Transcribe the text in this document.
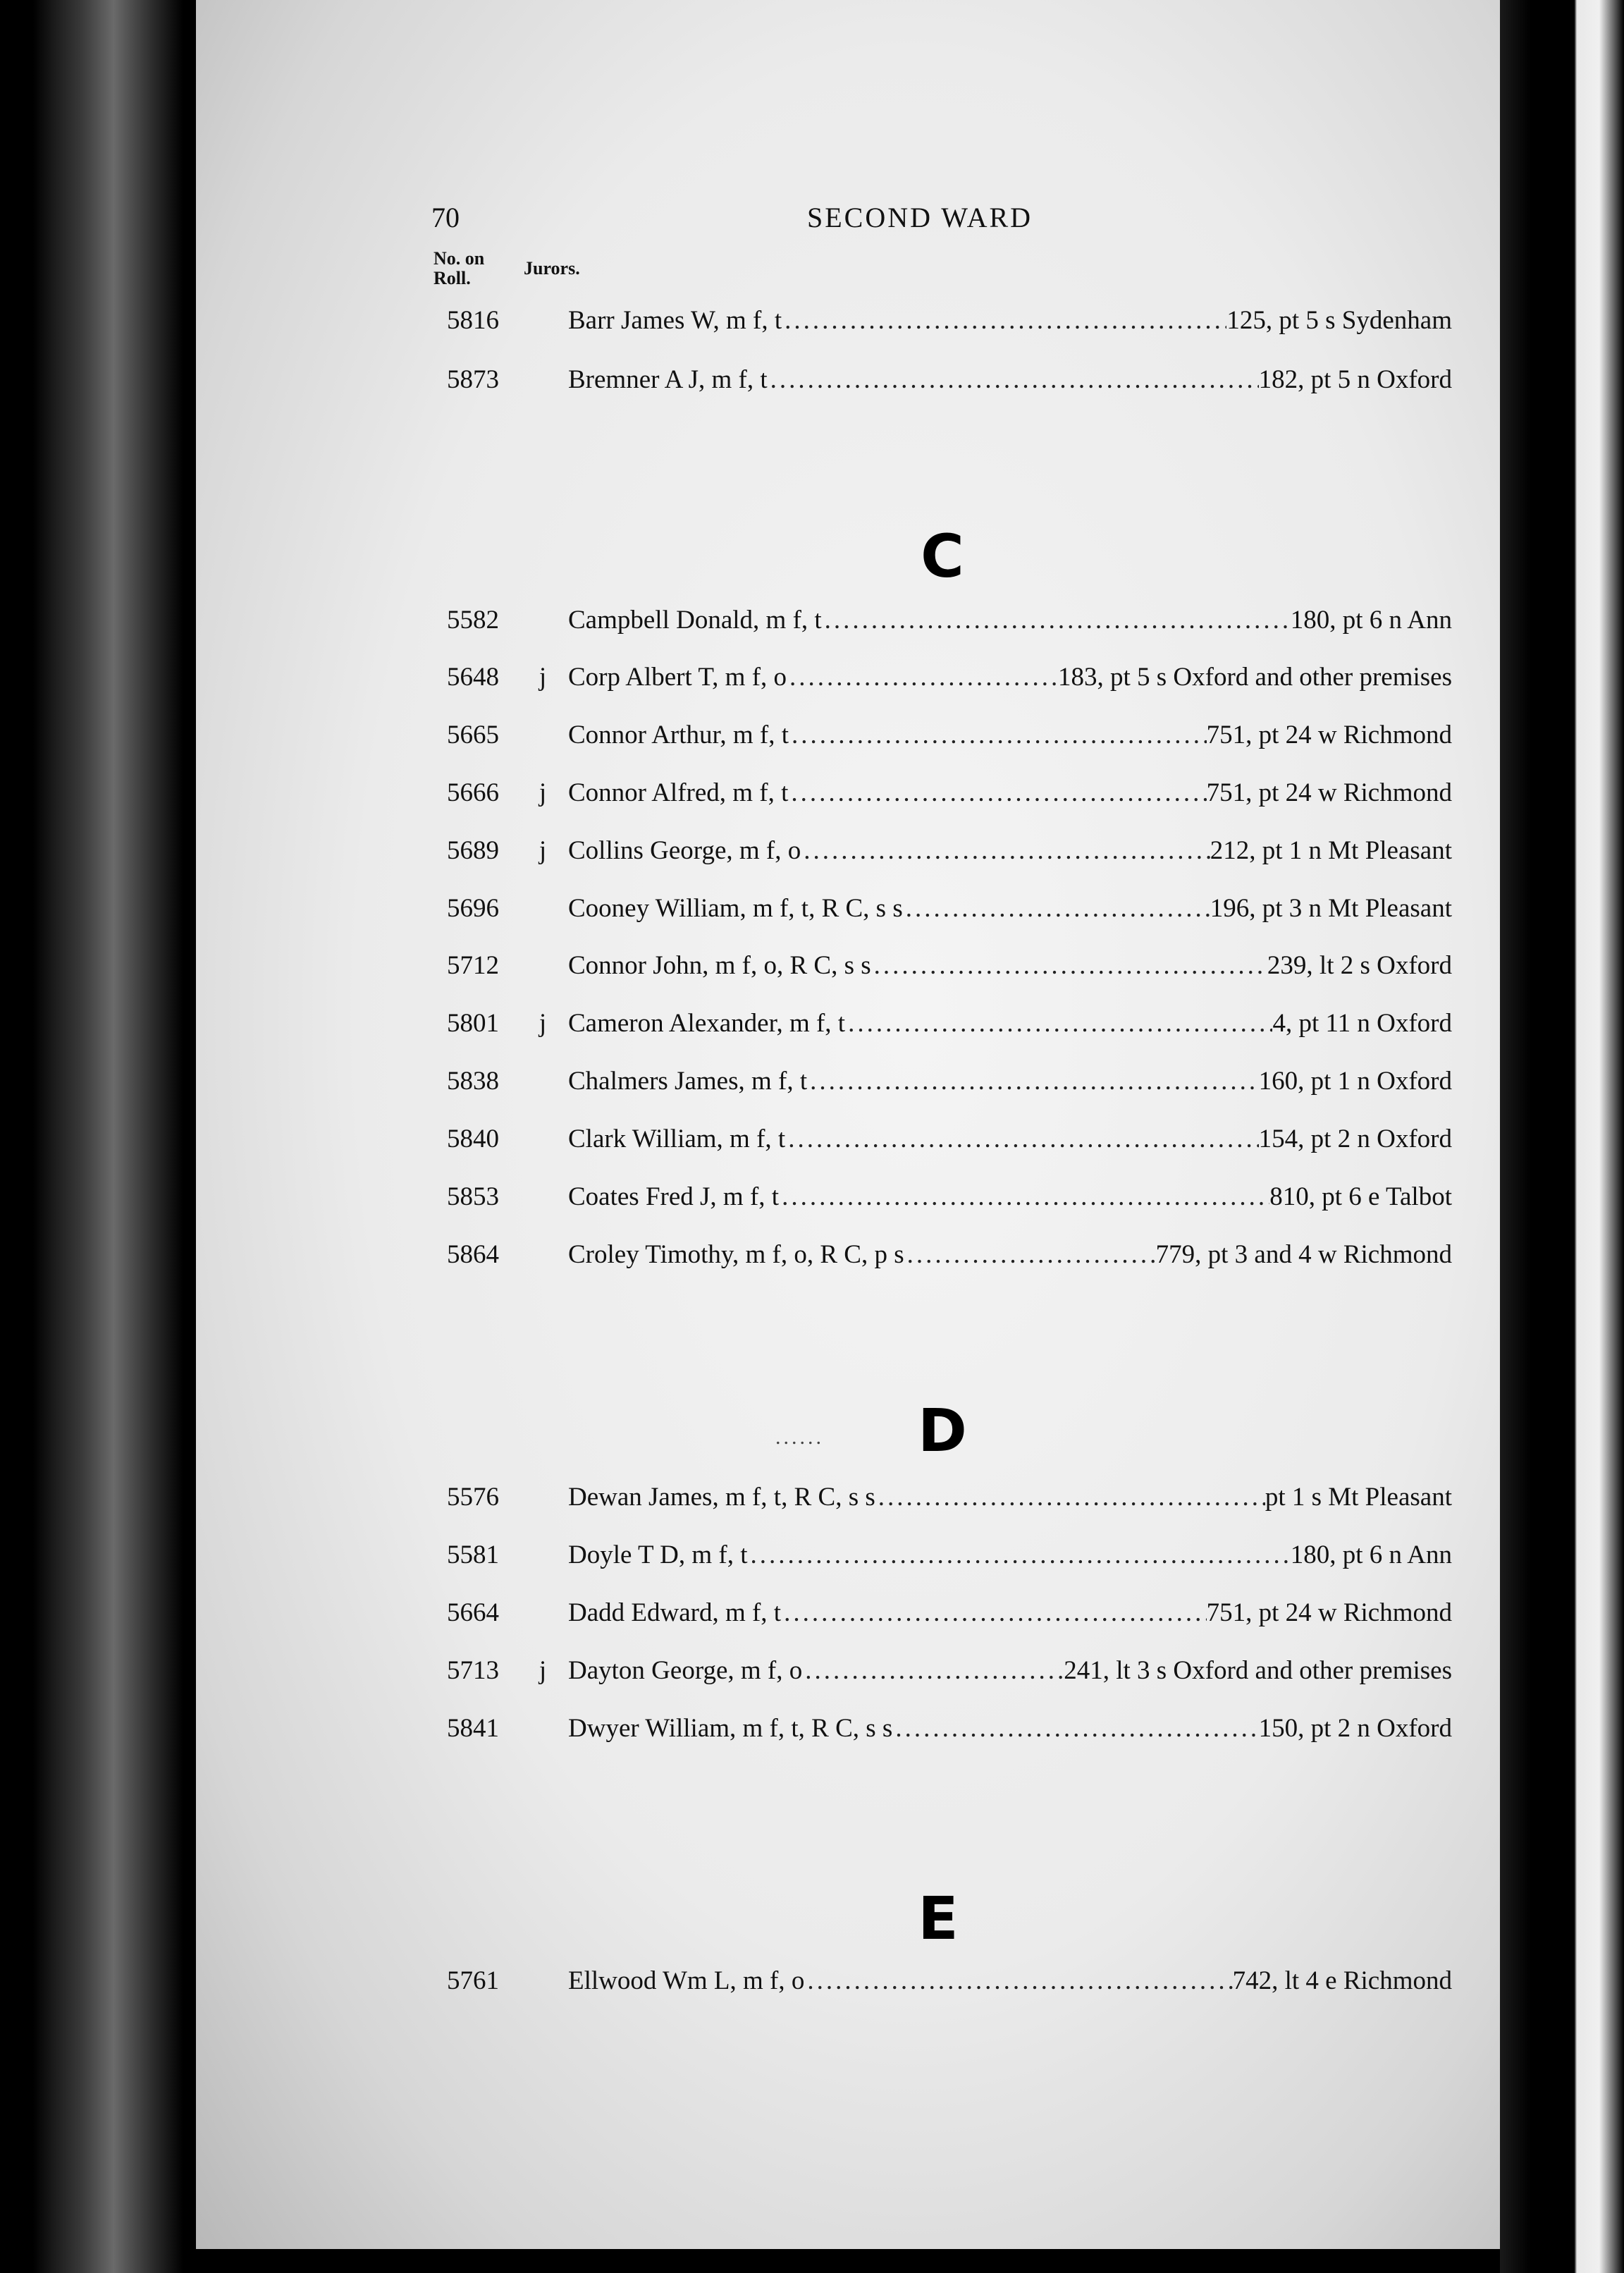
70	SECOND WARD
No. on Roll.	Jurors.
5816	Barr James W, m f, t .....	125, pt 5 s Sydenham
5873	Bremner A J, m f, t .....	182, pt 5 n Oxford
C
5582	Campbell Donald, m f, t .....	180, pt 6 n Ann
5648	j Corp Albert T, m f, o .....	183, pt 5 s Oxford and other premises
5665	Connor Arthur, m f, t .....	751, pt 24 w Richmond
5666	j Connor Alfred, m f, t .....	751, pt 24 w Richmond
5689	j Collins George, m f, o .....	212, pt 1 n Mt Pleasant
5696	Cooney William, m f, t, R C, s s .....	196, pt 3 n Mt Pleasant
5712	Connor John, m f, o, R C, s s .....	239, lt 2 s Oxford
5801	j Cameron Alexander, m f, t .....	4, pt 11 n Oxford
5838	Chalmers James, m f, t .....	160, pt 1 n Oxford
5840	Clark William, m f, t .....	154, pt 2 n Oxford
5853	Coates Fred J, m f, t .....	810, pt 6 e Talbot
5864	Croley Timothy, m f, o, R C, p s .....	779, pt 3 and 4 w Richmond
...... D
5576	Dewan James, m f, t, R C, s s .....	pt 1 s Mt Pleasant
5581	Doyle T D, m f, t .....	180, pt 6 n Ann
5664	Dadd Edward, m f, t .....	751, pt 24 w Richmond
5713	j Dayton George, m f, o .....	241, lt 3 s Oxford and other premises
5841	Dwyer William, m f, t, R C, s s .....	150, pt 2 n Oxford
E
5761	Ellwood Wm L, m f, o .....	742, lt 4 e Richmond
